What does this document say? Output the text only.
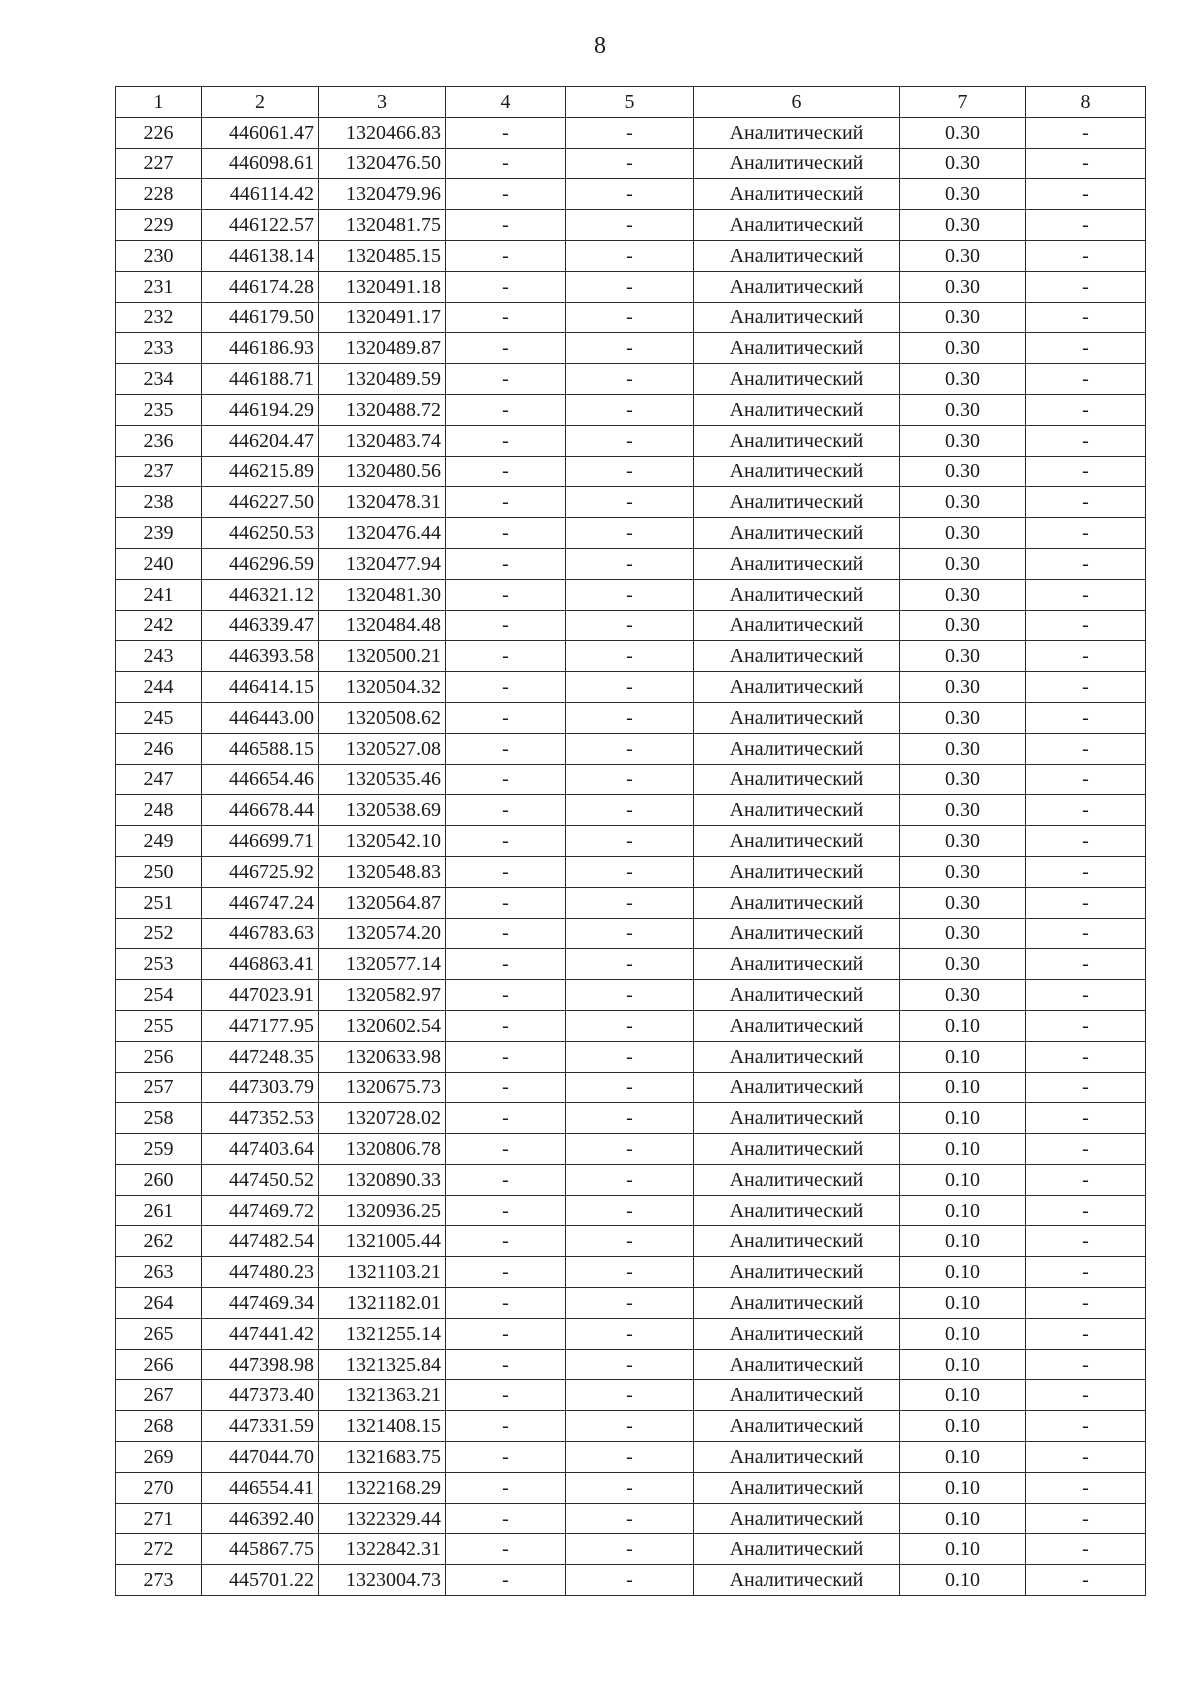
8
1	2	3	4	5	6	7	8
226	446061.47	1320466.83	-	-	Аналитический	0.30	-
227	446098.61	1320476.50	-	-	Аналитический	0.30	-
228	446114.42	1320479.96	-	-	Аналитический	0.30	-
229	446122.57	1320481.75	-	-	Аналитический	0.30	-
230	446138.14	1320485.15	-	-	Аналитический	0.30	-
231	446174.28	1320491.18	-	-	Аналитический	0.30	-
232	446179.50	1320491.17	-	-	Аналитический	0.30	-
233	446186.93	1320489.87	-	-	Аналитический	0.30	-
234	446188.71	1320489.59	-	-	Аналитический	0.30	-
235	446194.29	1320488.72	-	-	Аналитический	0.30	-
236	446204.47	1320483.74	-	-	Аналитический	0.30	-
237	446215.89	1320480.56	-	-	Аналитический	0.30	-
238	446227.50	1320478.31	-	-	Аналитический	0.30	-
239	446250.53	1320476.44	-	-	Аналитический	0.30	-
240	446296.59	1320477.94	-	-	Аналитический	0.30	-
241	446321.12	1320481.30	-	-	Аналитический	0.30	-
242	446339.47	1320484.48	-	-	Аналитический	0.30	-
243	446393.58	1320500.21	-	-	Аналитический	0.30	-
244	446414.15	1320504.32	-	-	Аналитический	0.30	-
245	446443.00	1320508.62	-	-	Аналитический	0.30	-
246	446588.15	1320527.08	-	-	Аналитический	0.30	-
247	446654.46	1320535.46	-	-	Аналитический	0.30	-
248	446678.44	1320538.69	-	-	Аналитический	0.30	-
249	446699.71	1320542.10	-	-	Аналитический	0.30	-
250	446725.92	1320548.83	-	-	Аналитический	0.30	-
251	446747.24	1320564.87	-	-	Аналитический	0.30	-
252	446783.63	1320574.20	-	-	Аналитический	0.30	-
253	446863.41	1320577.14	-	-	Аналитический	0.30	-
254	447023.91	1320582.97	-	-	Аналитический	0.30	-
255	447177.95	1320602.54	-	-	Аналитический	0.10	-
256	447248.35	1320633.98	-	-	Аналитический	0.10	-
257	447303.79	1320675.73	-	-	Аналитический	0.10	-
258	447352.53	1320728.02	-	-	Аналитический	0.10	-
259	447403.64	1320806.78	-	-	Аналитический	0.10	-
260	447450.52	1320890.33	-	-	Аналитический	0.10	-
261	447469.72	1320936.25	-	-	Аналитический	0.10	-
262	447482.54	1321005.44	-	-	Аналитический	0.10	-
263	447480.23	1321103.21	-	-	Аналитический	0.10	-
264	447469.34	1321182.01	-	-	Аналитический	0.10	-
265	447441.42	1321255.14	-	-	Аналитический	0.10	-
266	447398.98	1321325.84	-	-	Аналитический	0.10	-
267	447373.40	1321363.21	-	-	Аналитический	0.10	-
268	447331.59	1321408.15	-	-	Аналитический	0.10	-
269	447044.70	1321683.75	-	-	Аналитический	0.10	-
270	446554.41	1322168.29	-	-	Аналитический	0.10	-
271	446392.40	1322329.44	-	-	Аналитический	0.10	-
272	445867.75	1322842.31	-	-	Аналитический	0.10	-
273	445701.22	1323004.73	-	-	Аналитический	0.10	-
